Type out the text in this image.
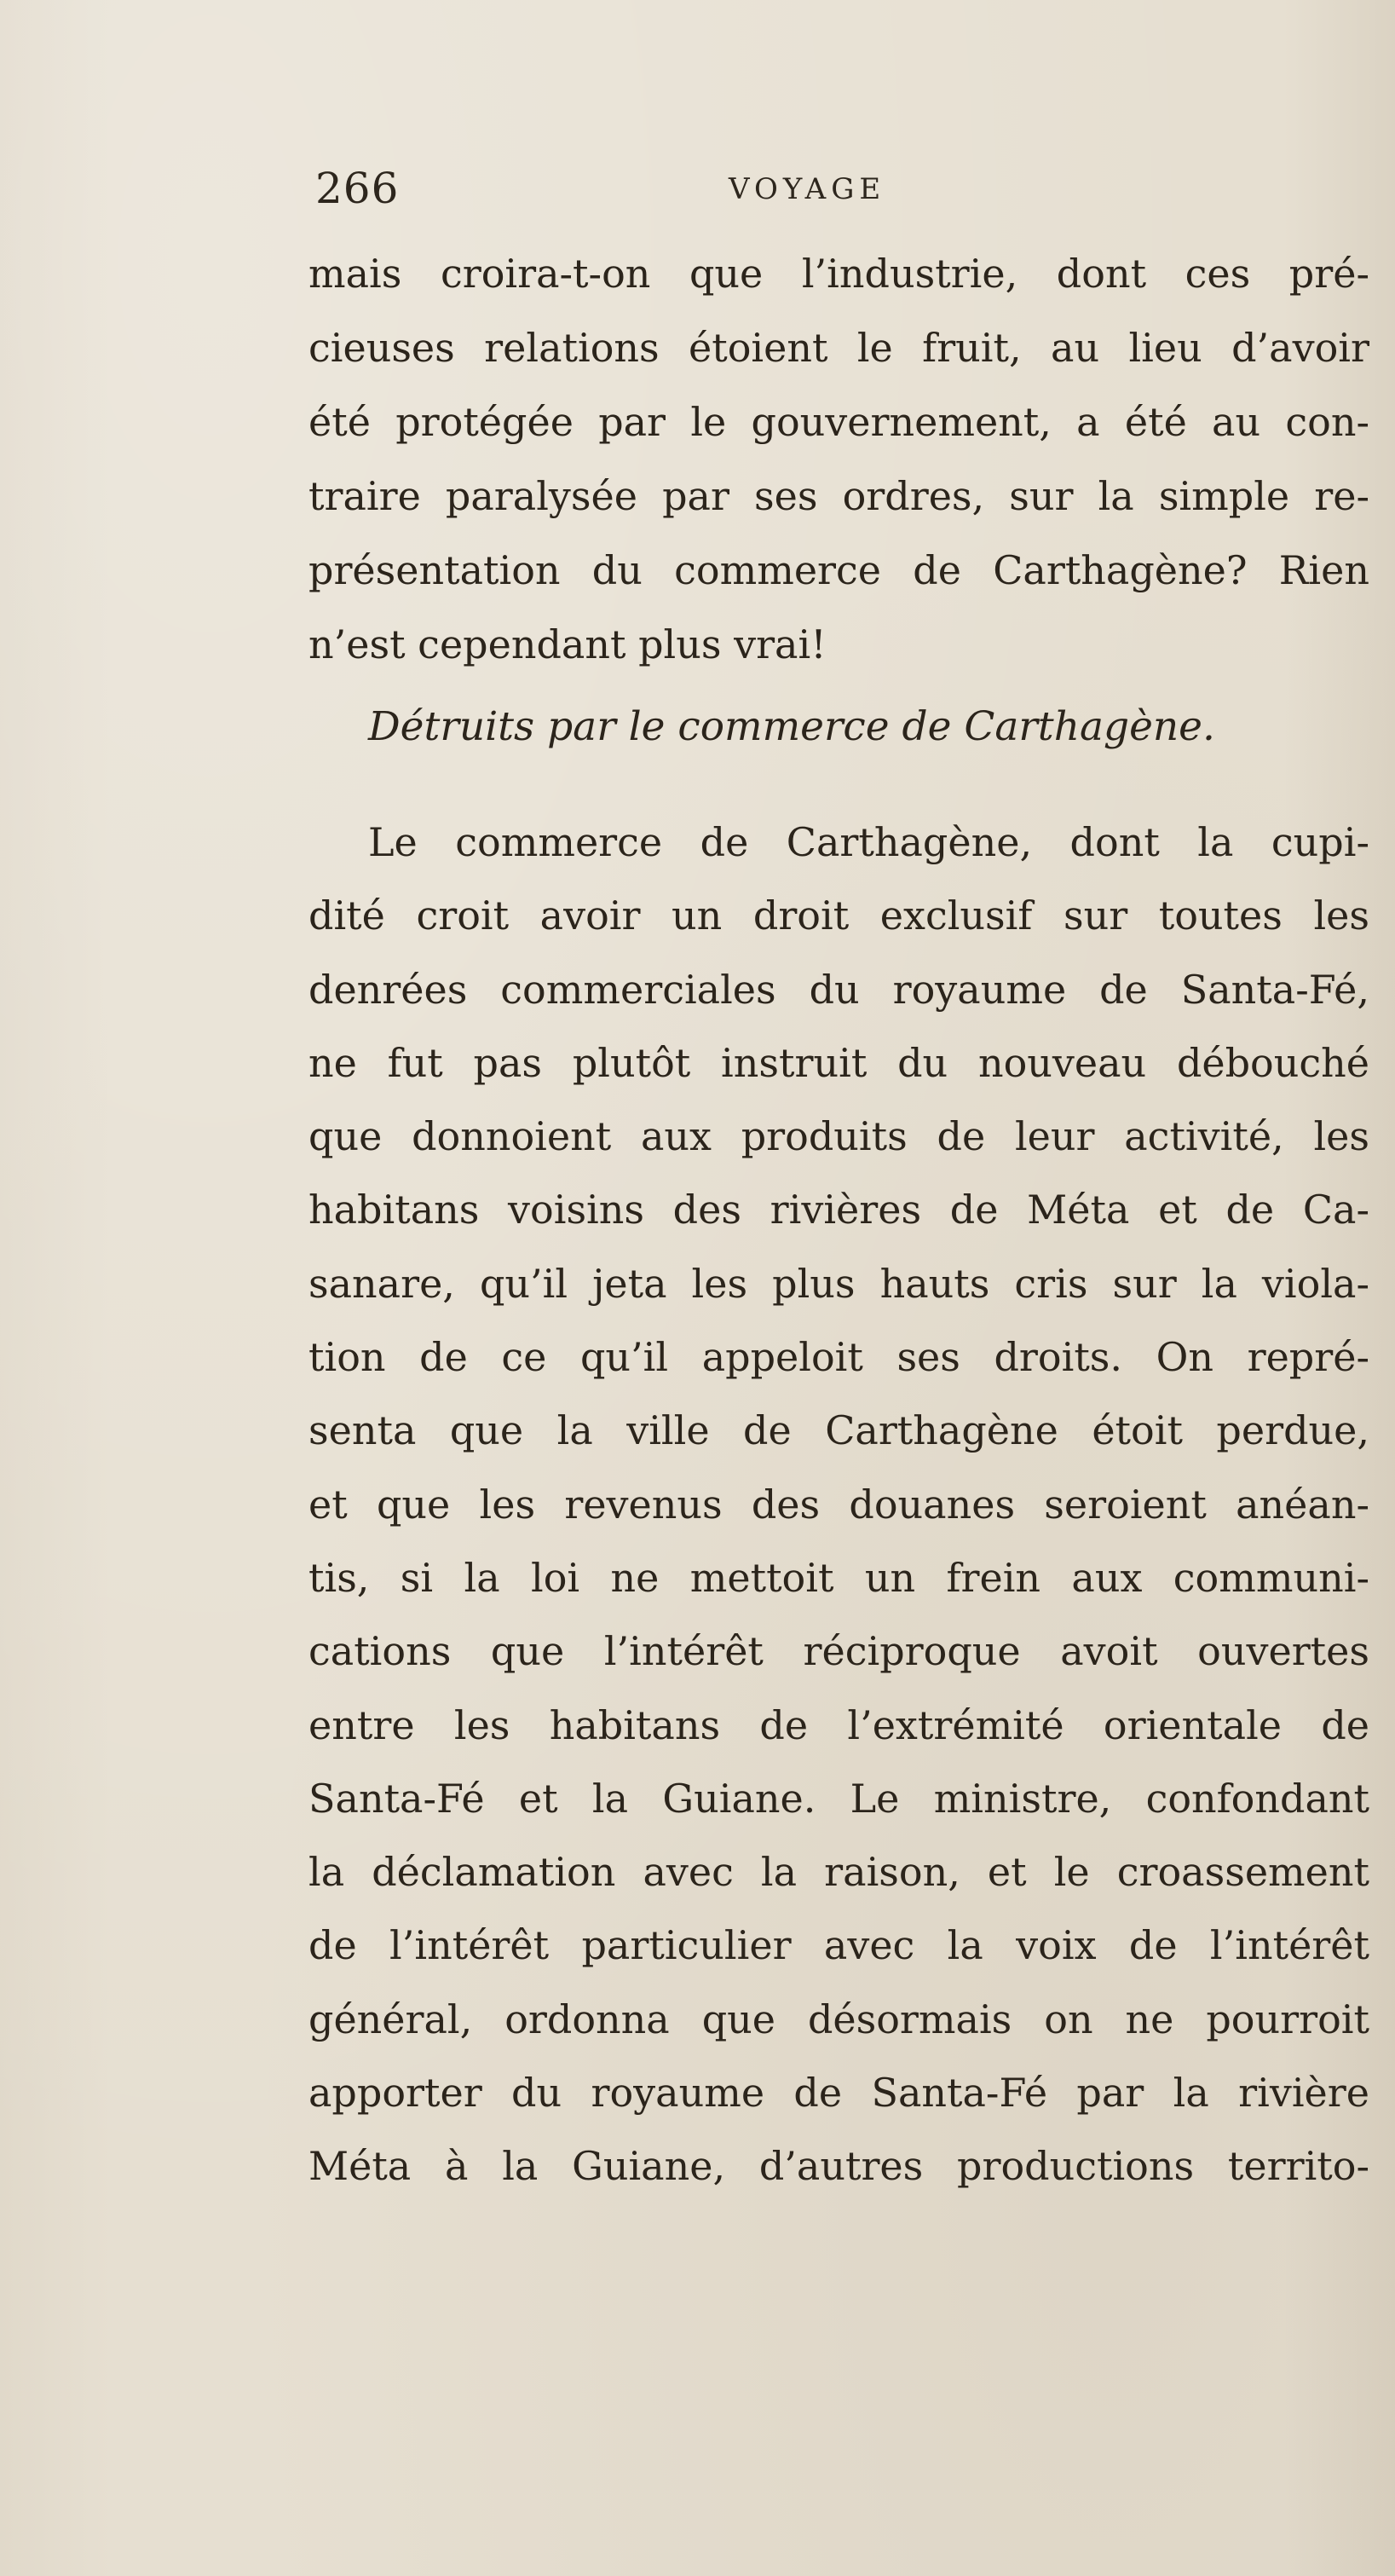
266	VOYAGE
mais croira-t-on que l’industrie, dont ces pré-
cieuses relations étoient le fruit, au lieu d’avoir
été protégée par le gouvernement, a été au con-
traire paralysée par ses ordres, sur la simple re-
présentation du commerce de Carthagène? Rien
n’est cependant plus vrai!
Détruits par le commerce de Carthagène.
Le commerce de Carthagène, dont la cupi-
dité croit avoir un droit exclusif sur toutes les
denrées commerciales du royaume de Santa-Fé,
ne fut pas plutôt instruit du nouveau débouché
que donnoient aux produits de leur activité, les
habitans voisins des rivières de Méta et de Ca-
sanare, qu’il jeta les plus hauts cris sur la viola-
tion de ce qu’il appeloit ses droits. On repré-
senta que la ville de Carthagène étoit perdue,
et que les revenus des douanes seroient anéan-
tis, si la loi ne mettoit un frein aux communi-
cations que l’intérêt réciproque avoit ouvertes
entre les habitans de l’extrémité orientale de
Santa-Fé et la Guiane. Le ministre, confondant
la déclamation avec la raison, et le croassement
de l’intérêt particulier avec la voix de l’intérêt
général, ordonna que désormais on ne pourroit
apporter du royaume de Santa-Fé par la rivière
Méta à la Guiane, d’autres productions territo-
